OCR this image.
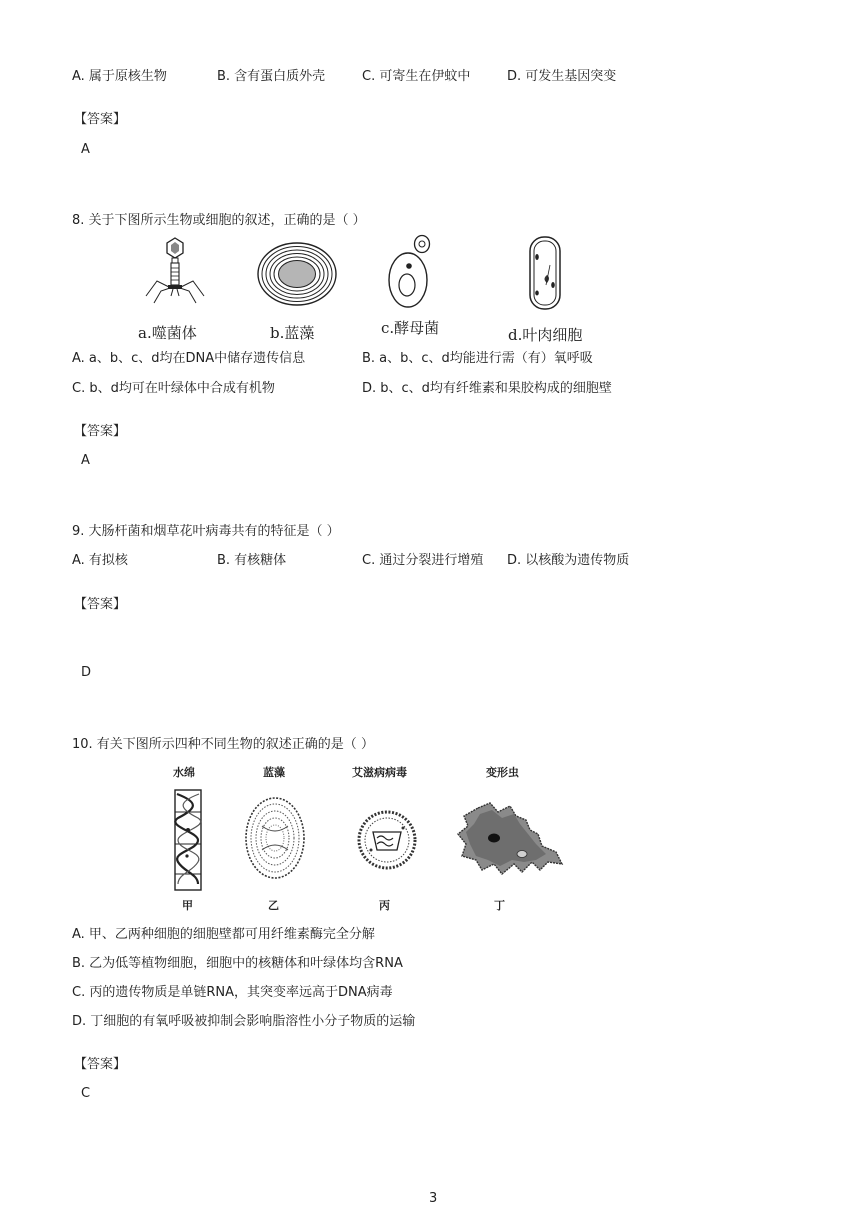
A. 属于原核生物	B. 含有蛋白质外壳	C. 可寄生在伊蚊中	D. 可发生基因突变
【答案】
A
8. 关于下图所示生物或细胞的叙述，正确的是（ ）
a.噬菌体	b.蓝藻	c.酵母菌	d.叶肉细胞
A. a、b、c、d均在DNA中储存遗传信息	B. a、b、c、d均能进行需（有）氧呼吸
C. b、d均可在叶绿体中合成有机物	D. b、c、d均有纤维素和果胶构成的细胞壁
【答案】
A
9. 大肠杆菌和烟草花叶病毒共有的特征是（ ）
A. 有拟核	B. 有核糖体	C. 通过分裂进行增殖 D. 以核酸为遗传物质
【答案】
D
10. 有关下图所示四种不同生物的叙述正确的是（ ）
水绵	蓝藻	艾滋病病毒	变形虫
甲	乙	丙	丁
A. 甲、乙两种细胞的细胞壁都可用纤维素酶完全分解
B. 乙为低等植物细胞，细胞中的核糖体和叶绿体均含RNA
C. 丙的遗传物质是单链RNA，其突变率远高于DNA病毒
D. 丁细胞的有氧呼吸被抑制会影响脂溶性小分子物质的运输
【答案】
C
3
